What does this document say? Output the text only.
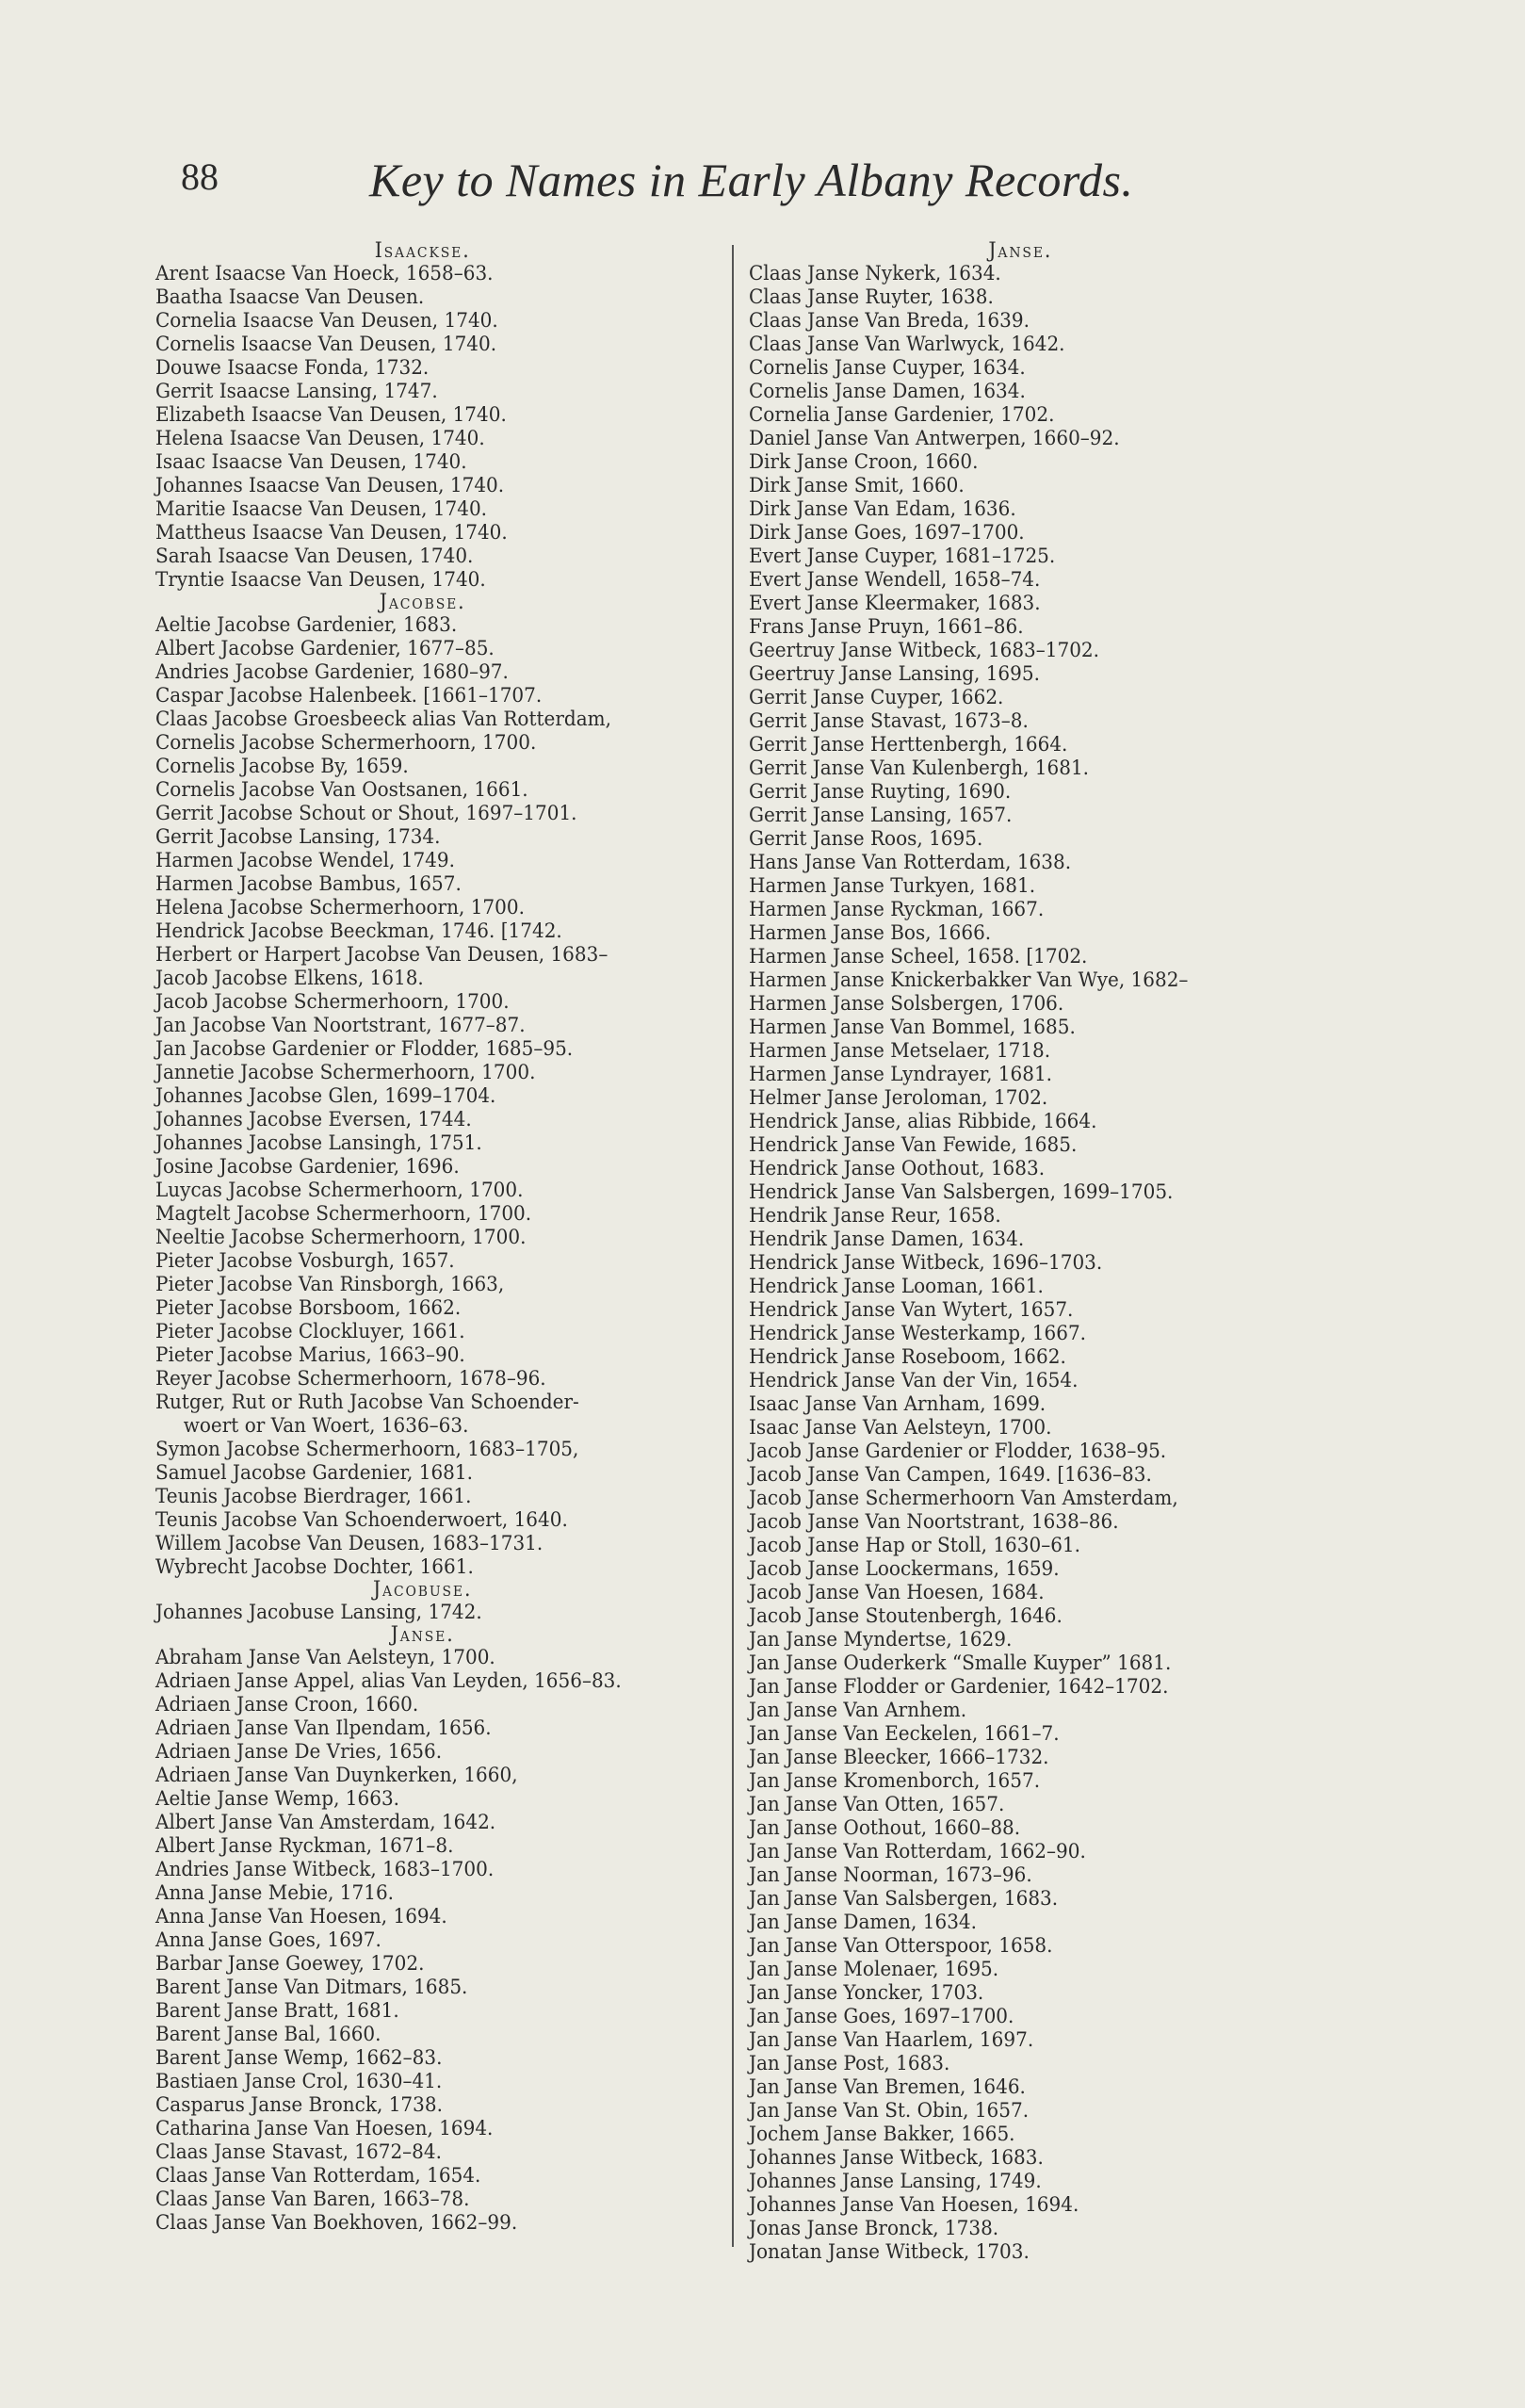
88	Key to Names in Early Albany Records.
Isaacksе.
Arent Isaacse Van Hoeck, 1658–63.
Baatha Isaacse Van Deusen.
Cornelia Isaacse Van Deusen, 1740.
Cornelis Isaacse Van Deusen, 1740.
Douwe Isaacse Fonda, 1732.
Gerrit Isaacse Lansing, 1747.
Elizabeth Isaacse Van Deusen, 1740.
Helena Isaacse Van Deusen, 1740.
Isaac Isaacse Van Deusen, 1740.
Johannes Isaacse Van Deusen, 1740.
Maritie Isaacse Van Deusen, 1740.
Mattheus Isaacse Van Deusen, 1740.
Sarah Isaacse Van Deusen, 1740.
Tryntie Isaacse Van Deusen, 1740.
Jacobse.
Aeltie Jacobse Gardenier, 1683.
Albert Jacobse Gardenier, 1677–85.
Andries Jacobse Gardenier, 1680–97.
Caspar Jacobse Halenbeek. [1661–1707.
Claas Jacobse Groesbeeck alias Van Rotterdam,
Cornelis Jacobse Schermerhoorn, 1700.
Cornelis Jacobse By, 1659.
Cornelis Jacobse Van Oostsanen, 1661.
Gerrit Jacobse Schout or Shout, 1697–1701.
Gerrit Jacobse Lansing, 1734.
Harmen Jacobse Wendel, 1749.
Harmen Jacobse Bambus, 1657.
Helena Jacobse Schermerhoorn, 1700.
Hendrick Jacobse Beeckman, 1746. [1742.
Herbert or Harpert Jacobse Van Deusen, 1683–
Jacob Jacobse Elkens, 1618.
Jacob Jacobse Schermerhoorn, 1700.
Jan Jacobse Van Noortstrant, 1677–87.
Jan Jacobse Gardenier or Flodder, 1685–95.
Jannetie Jacobse Schermerhoorn, 1700.
Johannes Jacobse Glen, 1699–1704.
Johannes Jacobse Eversen, 1744.
Johannes Jacobse Lansingh, 1751.
Josine Jacobse Gardenier, 1696.
Luycas Jacobse Schermerhoorn, 1700.
Magtelt Jacobse Schermerhoorn, 1700.
Neeltie Jacobse Schermerhoorn, 1700.
Pieter Jacobse Vosburgh, 1657.
Pieter Jacobse Van Rinsborgh, 1663,
Pieter Jacobse Borsboom, 1662.
Pieter Jacobse Clockluyer, 1661.
Pieter Jacobse Marius, 1663–90.
Reyer Jacobse Schermerhoorn, 1678–96.
Rutger, Rut or Ruth Jacobse Van Schoender-
woert or Van Woert, 1636–63.
Symon Jacobse Schermerhoorn, 1683–1705,
Samuel Jacobse Gardenier, 1681.
Teunis Jacobse Bierdrager, 1661.
Teunis Jacobse Van Schoenderwoert, 1640.
Willem Jacobse Van Deusen, 1683–1731.
Wybrecht Jacobse Dochter, 1661.
Jacobuse.
Johannes Jacobuse Lansing, 1742.
Janse.
Abraham Janse Van Aelsteyn, 1700.
Adriaen Janse Appel, alias Van Leyden, 1656–83.
Adriaen Janse Croon, 1660.
Adriaen Janse Van Ilpendam, 1656.
Adriaen Janse De Vries, 1656.
Adriaen Janse Van Duynkerken, 1660,
Aeltie Janse Wemp, 1663.
Albert Janse Van Amsterdam, 1642.
Albert Janse Ryckman, 1671–8.
Andries Janse Witbeck, 1683–1700.
Anna Janse Mebie, 1716.
Anna Janse Van Hoesen, 1694.
Anna Janse Goes, 1697.
Barbar Janse Goewey, 1702.
Barent Janse Van Ditmars, 1685.
Barent Janse Bratt, 1681.
Barent Janse Bal, 1660.
Barent Janse Wemp, 1662–83.
Bastiaen Janse Crol, 1630–41.
Casparus Janse Bronck, 1738.
Catharina Janse Van Hoesen, 1694.
Claas Janse Stavast, 1672–84.
Claas Janse Van Rotterdam, 1654.
Claas Janse Van Baren, 1663–78.
Claas Janse Van Boekhoven, 1662–99.
Janse.
Claas Janse Nykerk, 1634.
Claas Janse Ruyter, 1638.
Claas Janse Van Breda, 1639.
Claas Janse Van Warlwyck, 1642.
Cornelis Janse Cuyper, 1634.
Cornelis Janse Damen, 1634.
Cornelia Janse Gardenier, 1702.
Daniel Janse Van Antwerpen, 1660–92.
Dirk Janse Croon, 1660.
Dirk Janse Smit, 1660.
Dirk Janse Van Edam, 1636.
Dirk Janse Goes, 1697–1700.
Evert Janse Cuyper, 1681–1725.
Evert Janse Wendell, 1658–74.
Evert Janse Kleermaker, 1683.
Frans Janse Pruyn, 1661–86.
Geertruy Janse Witbeck, 1683–1702.
Geertruy Janse Lansing, 1695.
Gerrit Janse Cuyper, 1662.
Gerrit Janse Stavast, 1673–8.
Gerrit Janse Herttenbergh, 1664.
Gerrit Janse Van Kulenbergh, 1681.
Gerrit Janse Ruyting, 1690.
Gerrit Janse Lansing, 1657.
Gerrit Janse Roos, 1695.
Hans Janse Van Rotterdam, 1638.
Harmen Janse Turkyen, 1681.
Harmen Janse Ryckman, 1667.
Harmen Janse Bos, 1666.
Harmen Janse Scheel, 1658. [1702.
Harmen Janse Knickerbakker Van Wye, 1682–
Harmen Janse Solsbergen, 1706.
Harmen Janse Van Bommel, 1685.
Harmen Janse Metselaer, 1718.
Harmen Janse Lyndrayer, 1681.
Helmer Janse Jeroloman, 1702.
Hendrick Janse, alias Ribbide, 1664.
Hendrick Janse Van Fewide, 1685.
Hendrick Janse Oothout, 1683.
Hendrick Janse Van Salsbergen, 1699–1705.
Hendrik Janse Reur, 1658.
Hendrik Janse Damen, 1634.
Hendrick Janse Witbeck, 1696–1703.
Hendrick Janse Looman, 1661.
Hendrick Janse Van Wytert, 1657.
Hendrick Janse Westerkamp, 1667.
Hendrick Janse Roseboom, 1662.
Hendrick Janse Van der Vin, 1654.
Isaac Janse Van Arnham, 1699.
Isaac Janse Van Aelsteyn, 1700.
Jacob Janse Gardenier or Flodder, 1638–95.
Jacob Janse Van Campen, 1649. [1636–83.
Jacob Janse Schermerhoorn Van Amsterdam,
Jacob Janse Van Noortstrant, 1638–86.
Jacob Janse Hap or Stoll, 1630–61.
Jacob Janse Loockermans, 1659.
Jacob Janse Van Hoesen, 1684.
Jacob Janse Stoutenbergh, 1646.
Jan Janse Myndertse, 1629.
Jan Janse Ouderkerk “Smalle Kuyper” 1681.
Jan Janse Flodder or Gardenier, 1642–1702.
Jan Janse Van Arnhem.
Jan Janse Van Eeckelen, 1661–7.
Jan Janse Bleecker, 1666–1732.
Jan Janse Kromenborch, 1657.
Jan Janse Van Otten, 1657.
Jan Janse Oothout, 1660–88.
Jan Janse Van Rotterdam, 1662–90.
Jan Janse Noorman, 1673–96.
Jan Janse Van Salsbergen, 1683.
Jan Janse Damen, 1634.
Jan Janse Van Otterspoor, 1658.
Jan Janse Molenaer, 1695.
Jan Janse Yoncker, 1703.
Jan Janse Goes, 1697–1700.
Jan Janse Van Haarlem, 1697.
Jan Janse Post, 1683.
Jan Janse Van Bremen, 1646.
Jan Janse Van St. Obin, 1657.
Jochem Janse Bakker, 1665.
Johannes Janse Witbeck, 1683.
Johannes Janse Lansing, 1749.
Johannes Janse Van Hoesen, 1694.
Jonas Janse Bronck, 1738.
Jonatan Janse Witbeck, 1703.
